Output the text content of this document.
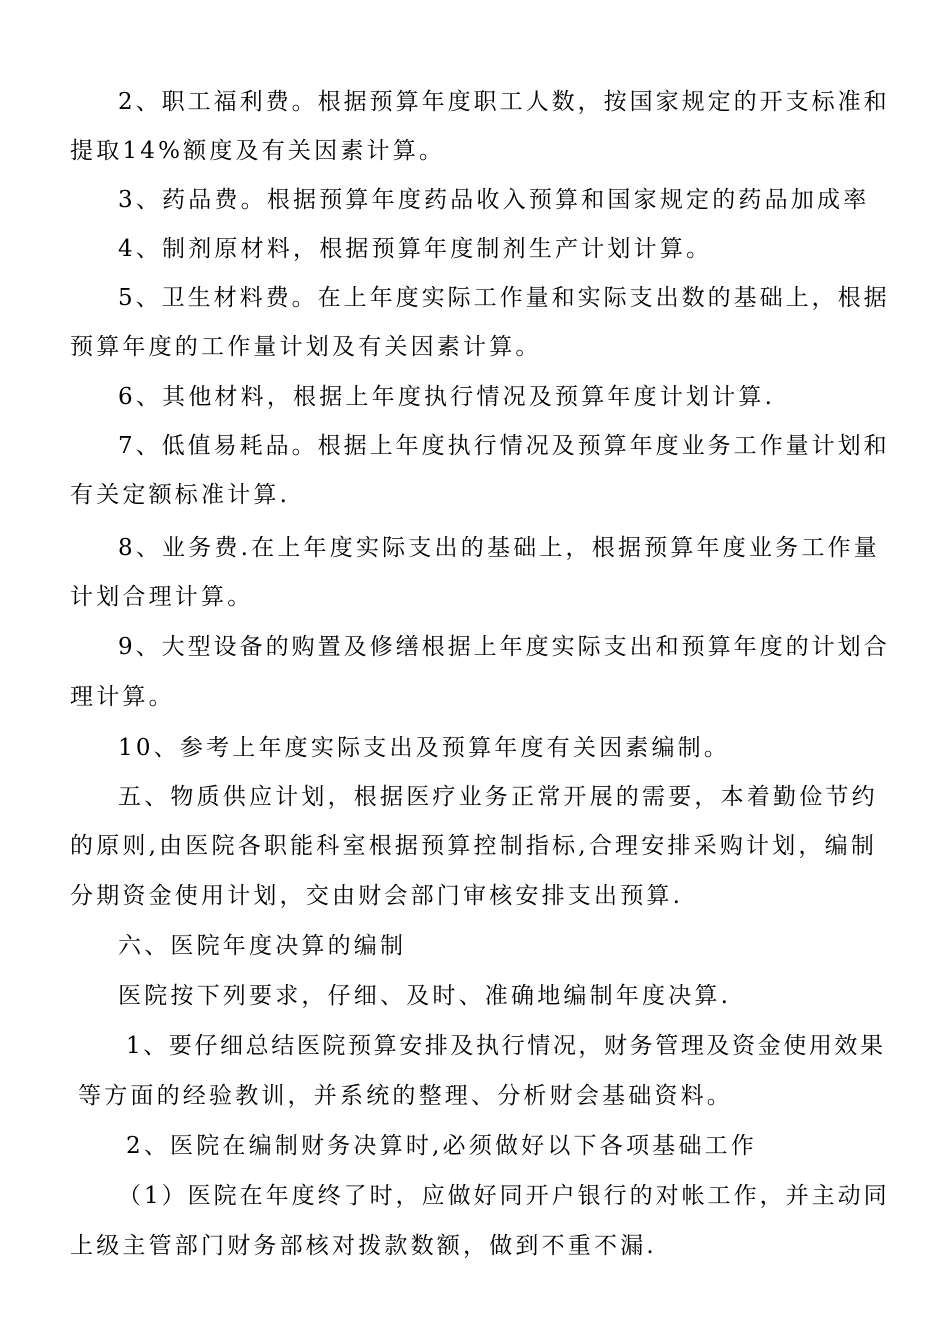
2、职工福利费。根据预算年度职工人数，按国家规定的开支标准和
提取14%额度及有关因素计算。
3、药品费。根据预算年度药品收入预算和国家规定的药品加成率
4、制剂原材料，根据预算年度制剂生产计划计算。
5、卫生材料费。在上年度实际工作量和实际支出数的基础上，根据
预算年度的工作量计划及有关因素计算。
6、其他材料，根据上年度执行情况及预算年度计划计算.
7、低值易耗品。根据上年度执行情况及预算年度业务工作量计划和
有关定额标准计算.
8、业务费.在上年度实际支出的基础上，根据预算年度业务工作量
计划合理计算。
9、大型设备的购置及修缮根据上年度实际支出和预算年度的计划合
理计算。
10、参考上年度实际支出及预算年度有关因素编制。
五、物质供应计划，根据医疗业务正常开展的需要，本着勤俭节约
的原则,由医院各职能科室根据预算控制指标,合理安排采购计划，编制
分期资金使用计划，交由财会部门审核安排支出预算.
六、医院年度决算的编制
医院按下列要求，仔细、及时、准确地编制年度决算.
1、要仔细总结医院预算安排及执行情况，财务管理及资金使用效果
等方面的经验教训，并系统的整理、分析财会基础资料。
2、医院在编制财务决算时,必须做好以下各项基础工作
（1）医院在年度终了时，应做好同开户银行的对帐工作，并主动同
上级主管部门财务部核对拨款数额，做到不重不漏.
